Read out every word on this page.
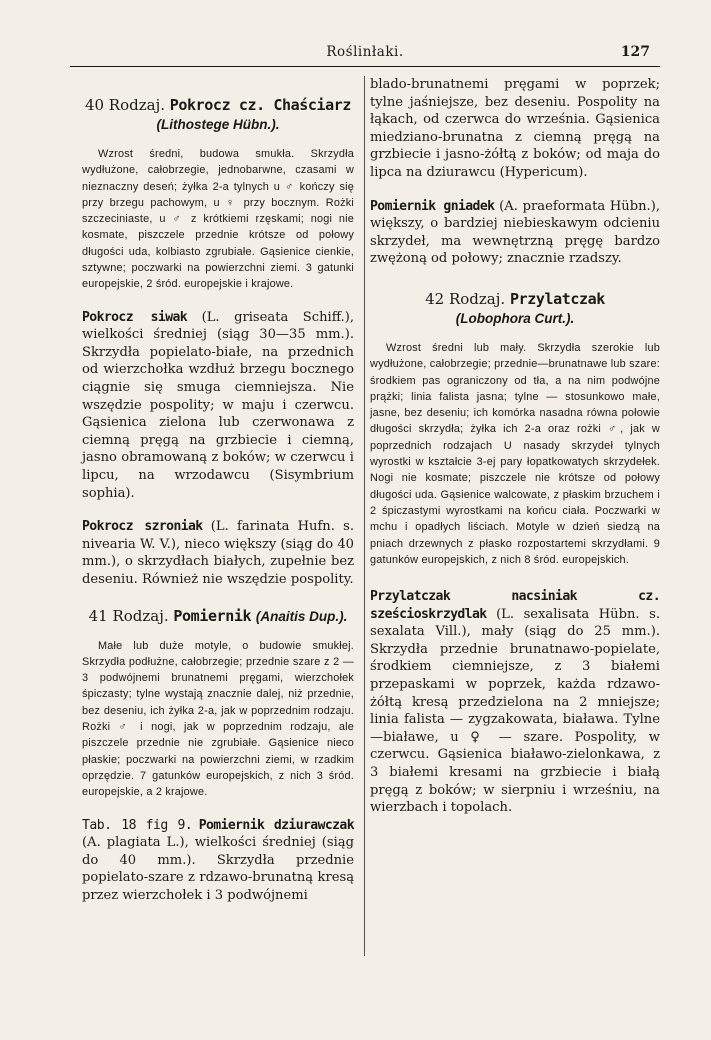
Roślinłaki.	127
40 Rodzaj. Pokrocz cz. Chaściarz
(Lithostege Hübn.).

Wzrost średni, budowa smukła. Skrzydła wydłużone, całobrzegie, jednobarwne, czasami w nieznaczny deseń; żyłka 2-a tylnych u ♂ kończy się przy brzegu pachowym, u ♀ przy bocznym. Rożki szczeciniaste, u ♂ z krótkiemi rzęskami; nogi nie kosmate, piszczele przednie krótsze od połowy długości uda, kolbiasto zgrubiałe. Gąsienice cienkie, sztywne; poczwarki na powierzchni ziemi. 3 gatunki europejskie, 2 śród. europejskie i krajowe.

Pokrocz siwak (L. griseata Schiff.), wielkości średniej (siąg 30—35 mm.). Skrzydła popielato-białe, na przednich od wierzchołka wzdłuż brzegu bocznego ciągnie się smuga ciemniejsza. Nie wszędzie pospolity; w maju i czerwcu. Gąsienica zielona lub czerwonawa z ciemną pręgą na grzbiecie i ciemną, jasno obramowaną z boków; w czerwcu i lipcu, na wrzodawcu (Sisymbrium sophia).

Pokrocz szroniak (L. farinata Hufn. s. nivearia W. V.), nieco większy (siąg do 40 mm.), o skrzydłach białych, zupełnie bez deseniu. Również nie wszędzie pospolity.

41 Rodzaj. Pomiernik (Anaitis Dup.).

Małe lub duże motyle, o budowie smukłej. Skrzydła podłużne, całobrzegie; przednie szare z 2 — 3 podwójnemi brunatnemi pręgami, wierzchołek śpiczasty; tylne wystają znacznie dalej, niż przednie, bez deseniu, ich żyłka 2-a, jak w poprzednim rodzaju. Rożki ♂ i nogi, jak w poprzednim rodzaju, ale piszczele przednie nie zgrubiałe. Gąsienice nieco płaskie; poczwarki na powierzchni ziemi, w rzadkim oprzędzie. 7 gatunków europejskich, z nich 3 śród. europejskie, a 2 krajowe.

Tab. 18 fig 9. Pomiernik dziurawczak (A. plagiata L.), wielkości średniej (siąg do 40 mm.). Skrzydła przednie popielato-szare z rdzawo-brunatną kresą przez wierzchołek i 3 podwójnemi

blado-brunatnemi pręgami w poprzek; tylne jaśniejsze, bez deseniu. Pospolity na łąkach, od czerwca do września. Gąsienica miedziano-brunatna z ciemną pręgą na grzbiecie i jasno-żółtą z boków; od maja do lipca na dziurawcu (Hypericum).

Pomiernik gniadek (A. praeformata Hübn.), większy, o bardziej niebieskawym odcieniu skrzydeł, ma wewnętrzną pręgę bardzo zwężoną od połowy; znacznie rzadszy.

42 Rodzaj. Przylatczak
(Lobophora Curt.).

Wzrost średni lub mały. Skrzydła szerokie lub wydłużone, całobrzegie; przednie—brunatnawe lub szare: środkiem pas ograniczony od tła, a na nim podwójne prążki; linia falista jasna; tylne — stosunkowo małe, jasne, bez deseniu; ich komórka nasadna równa połowie długości skrzydła; żyłka ich 2-a oraz rożki ♂, jak w poprzednich rodzajach U nasady skrzydeł tylnych wyrostki w kształcie 3-ej pary łopatkowatych skrzydełek. Nogi nie kosmate; piszczele nie krótsze od połowy długości uda. Gąsienice walcowate, z płaskim brzuchem i 2 śpiczastymi wyrostkami na końcu ciała. Poczwarki w mchu i opadłych liściach. Motyle w dzień siedzą na pniach drzewnych z płasko rozpostartemi skrzydłami. 9 gatunków europejskich, z nich 8 śród. europejskich.

Przylatczak nacsiniak cz. sześcioskrzydlak (L. sexalisata Hübn. s. sexalata Vill.), mały (siąg do 25 mm.). Skrzydła przednie brunatnawo-popielate, środkiem ciemniejsze, z 3 białemi przepaskami w poprzek, każda rdzawo-żółtą kresą przedzielona na 2 mniejsze; linia falista — zygzakowata, biaława. Tylne—białawe, u ♀ — szare. Pospolity, w czerwcu. Gąsienica białawo-zielonkawa, z 3 białemi kresami na grzbiecie i białą pręgą z boków; w sierpniu i wrześniu, na wierzbach i topolach.
